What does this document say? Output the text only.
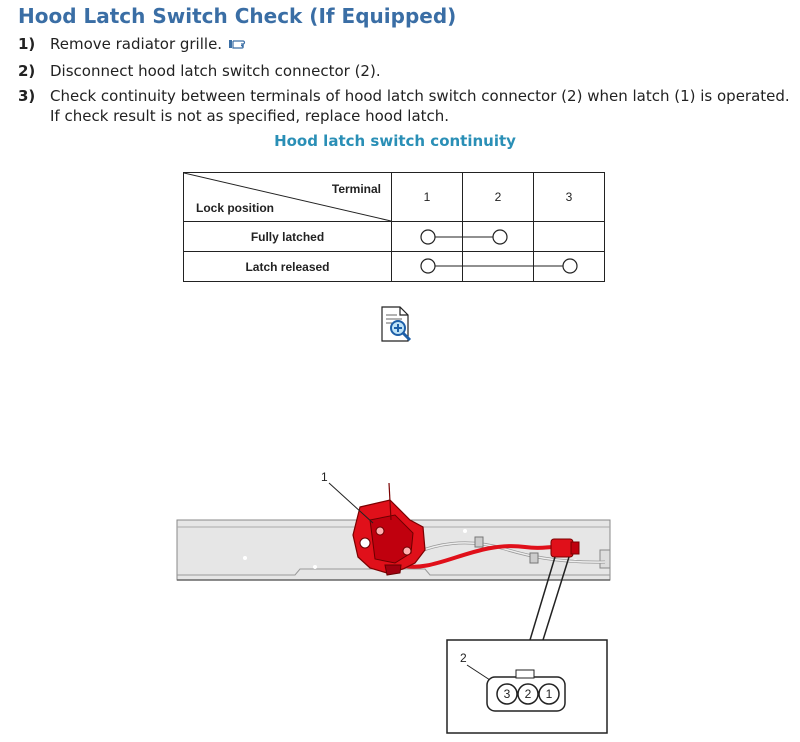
Hood Latch Switch Check (If Equipped)
1) Remove radiator grille.
2) Disconnect hood latch switch connector (2).
3) Check continuity between terminals of hood latch switch connector (2) when latch (1) is operated. If check result is not as specified, replace hood latch.
Hood latch switch continuity
Terminal
Lock position	1	2	3
Fully latched			
Latch released			
1
2
3 2 1
